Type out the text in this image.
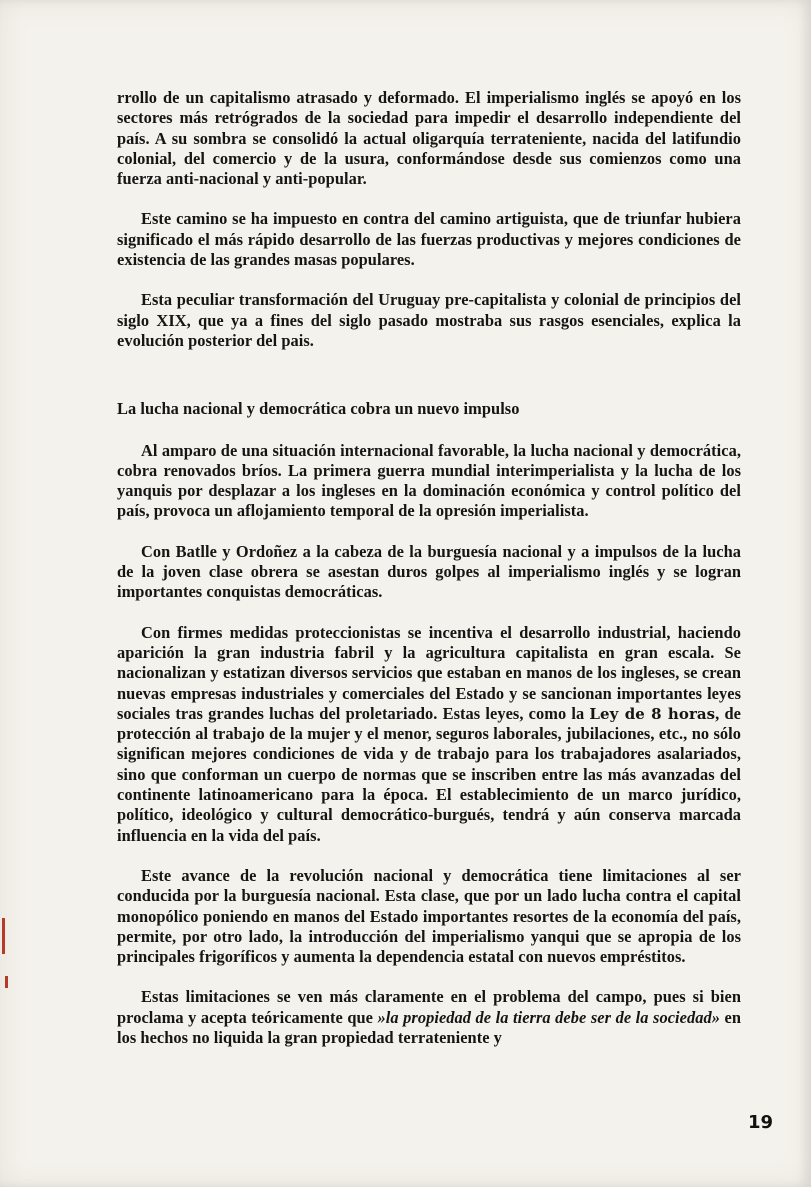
rrollo de un capitalismo atrasado y deformado. El imperialismo inglés se apoyó en los sectores más retrógrados de la sociedad para impedir el desarrollo independiente del país. A su sombra se consolidó la actual oligarquía terrateniente, nacida del latifundio colonial, del comercio y de la usura, conformándose desde sus comienzos como una fuerza anti-nacional y anti-popular.

Este camino se ha impuesto en contra del camino artiguista, que de triunfar hubiera significado el más rápido desarrollo de las fuerzas productivas y mejores condiciones de existencia de las grandes masas populares.

Esta peculiar transformación del Uruguay pre-capitalista y colonial de principios del siglo XIX, que ya a fines del siglo pasado mostraba sus rasgos esenciales, explica la evolución posterior del pais.

La lucha nacional y democrática cobra un nuevo impulso

Al amparo de una situación internacional favorable, la lucha nacional y democrática, cobra renovados bríos. La primera guerra mundial interimperialista y la lucha de los yanquis por desplazar a los ingleses en la dominación económica y control político del país, provoca un aflojamiento temporal de la opresión imperialista.

Con Batlle y Ordoñez a la cabeza de la burguesía nacional y a impulsos de la lucha de la joven clase obrera se asestan duros golpes al imperialismo inglés y se logran importantes conquistas democráticas.

Con firmes medidas proteccionistas se incentiva el desarrollo industrial, haciendo aparición la gran industria fabril y la agricultura capitalista en gran escala. Se nacionalizan y estatizan diversos servicios que estaban en manos de los ingleses, se crean nuevas empresas industriales y comerciales del Estado y se sancionan importantes leyes sociales tras grandes luchas del proletariado. Estas leyes, como la Ley de 8 horas, de protección al trabajo de la mujer y el menor, seguros laborales, jubilaciones, etc., no sólo significan mejores condiciones de vida y de trabajo para los trabajadores asalariados, sino que conforman un cuerpo de normas que se inscriben entre las más avanzadas del continente latinoamericano para la época. El establecimiento de un marco jurídico, político, ideológico y cultural democrático-burgués, tendrá y aún conserva marcada influencia en la vida del país.

Este avance de la revolución nacional y democrática tiene limitaciones al ser conducida por la burguesía nacional. Esta clase, que por un lado lucha contra el capital monopólico poniendo en manos del Estado importantes resortes de la economía del país, permite, por otro lado, la introducción del imperialismo yanqui que se apropia de los principales frigoríficos y aumenta la dependencia estatal con nuevos empréstitos.

Estas limitaciones se ven más claramente en el problema del campo, pues si bien proclama y acepta teóricamente que »la propiedad de la tierra debe ser de la sociedad» en los hechos no liquida la gran propiedad terrateniente y

19
